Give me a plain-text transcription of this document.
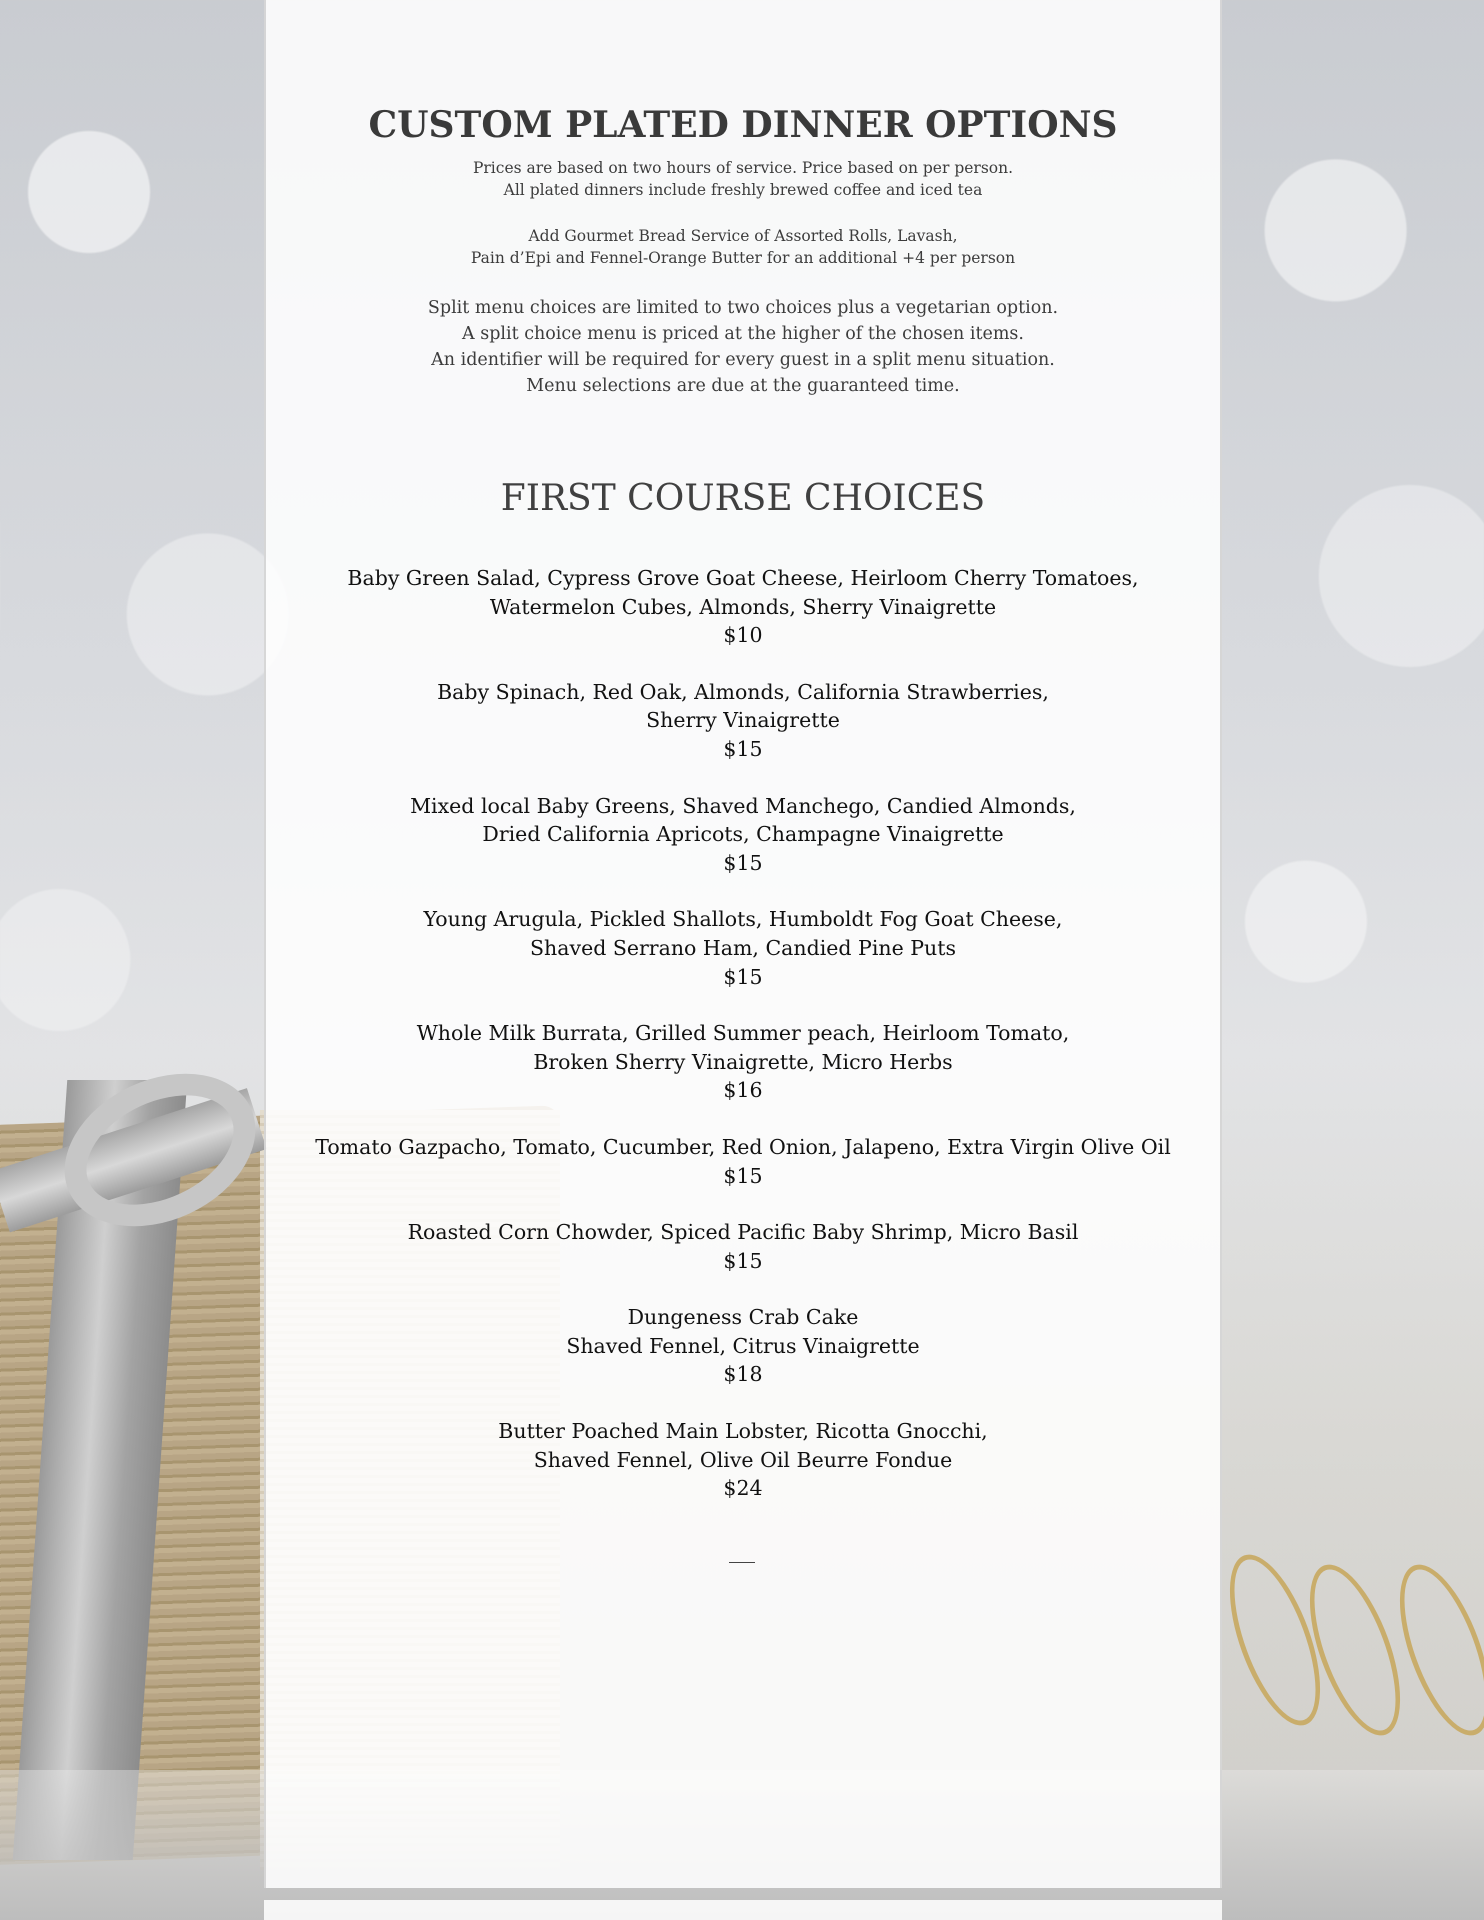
CUSTOM PLATED DINNER OPTIONS

Prices are based on two hours of service. Price based on per person.

All plated dinners include freshly brewed coffee and iced tea

Add Gourmet Bread Service of Assorted Rolls, Lavash,

Pain d’Epi and Fennel-Orange Butter for an additional +4 per person

Split menu choices are limited to two choices plus a vegetarian option.

A split choice menu is priced at the higher of the chosen items.

An identifier will be required for every guest in a split menu situation.

Menu selections are due at the guaranteed time.

FIRST COURSE CHOICES
Baby Green Salad, Cypress Grove Goat Cheese, Heirloom Cherry Tomatoes,
Watermelon Cubes, Almonds, Sherry Vinaigrette
$10
Baby Spinach, Red Oak, Almonds, California Strawberries,
Sherry Vinaigrette
$15
Mixed local Baby Greens, Shaved Manchego, Candied Almonds,
Dried California Apricots, Champagne Vinaigrette
$15
Young Arugula, Pickled Shallots, Humboldt Fog Goat Cheese,
Shaved Serrano Ham, Candied Pine Puts
$15
Whole Milk Burrata, Grilled Summer peach, Heirloom Tomato,
Broken Sherry Vinaigrette, Micro Herbs
$16
Tomato Gazpacho, Tomato, Cucumber, Red Onion, Jalapeno, Extra Virgin Olive Oil
$15
Roasted Corn Chowder, Spiced Pacific Baby Shrimp, Micro Basil
$15
Dungeness Crab Cake
Shaved Fennel, Citrus Vinaigrette
$18
Butter Poached Main Lobster, Ricotta Gnocchi,
Shaved Fennel, Olive Oil Beurre Fondue
$24
